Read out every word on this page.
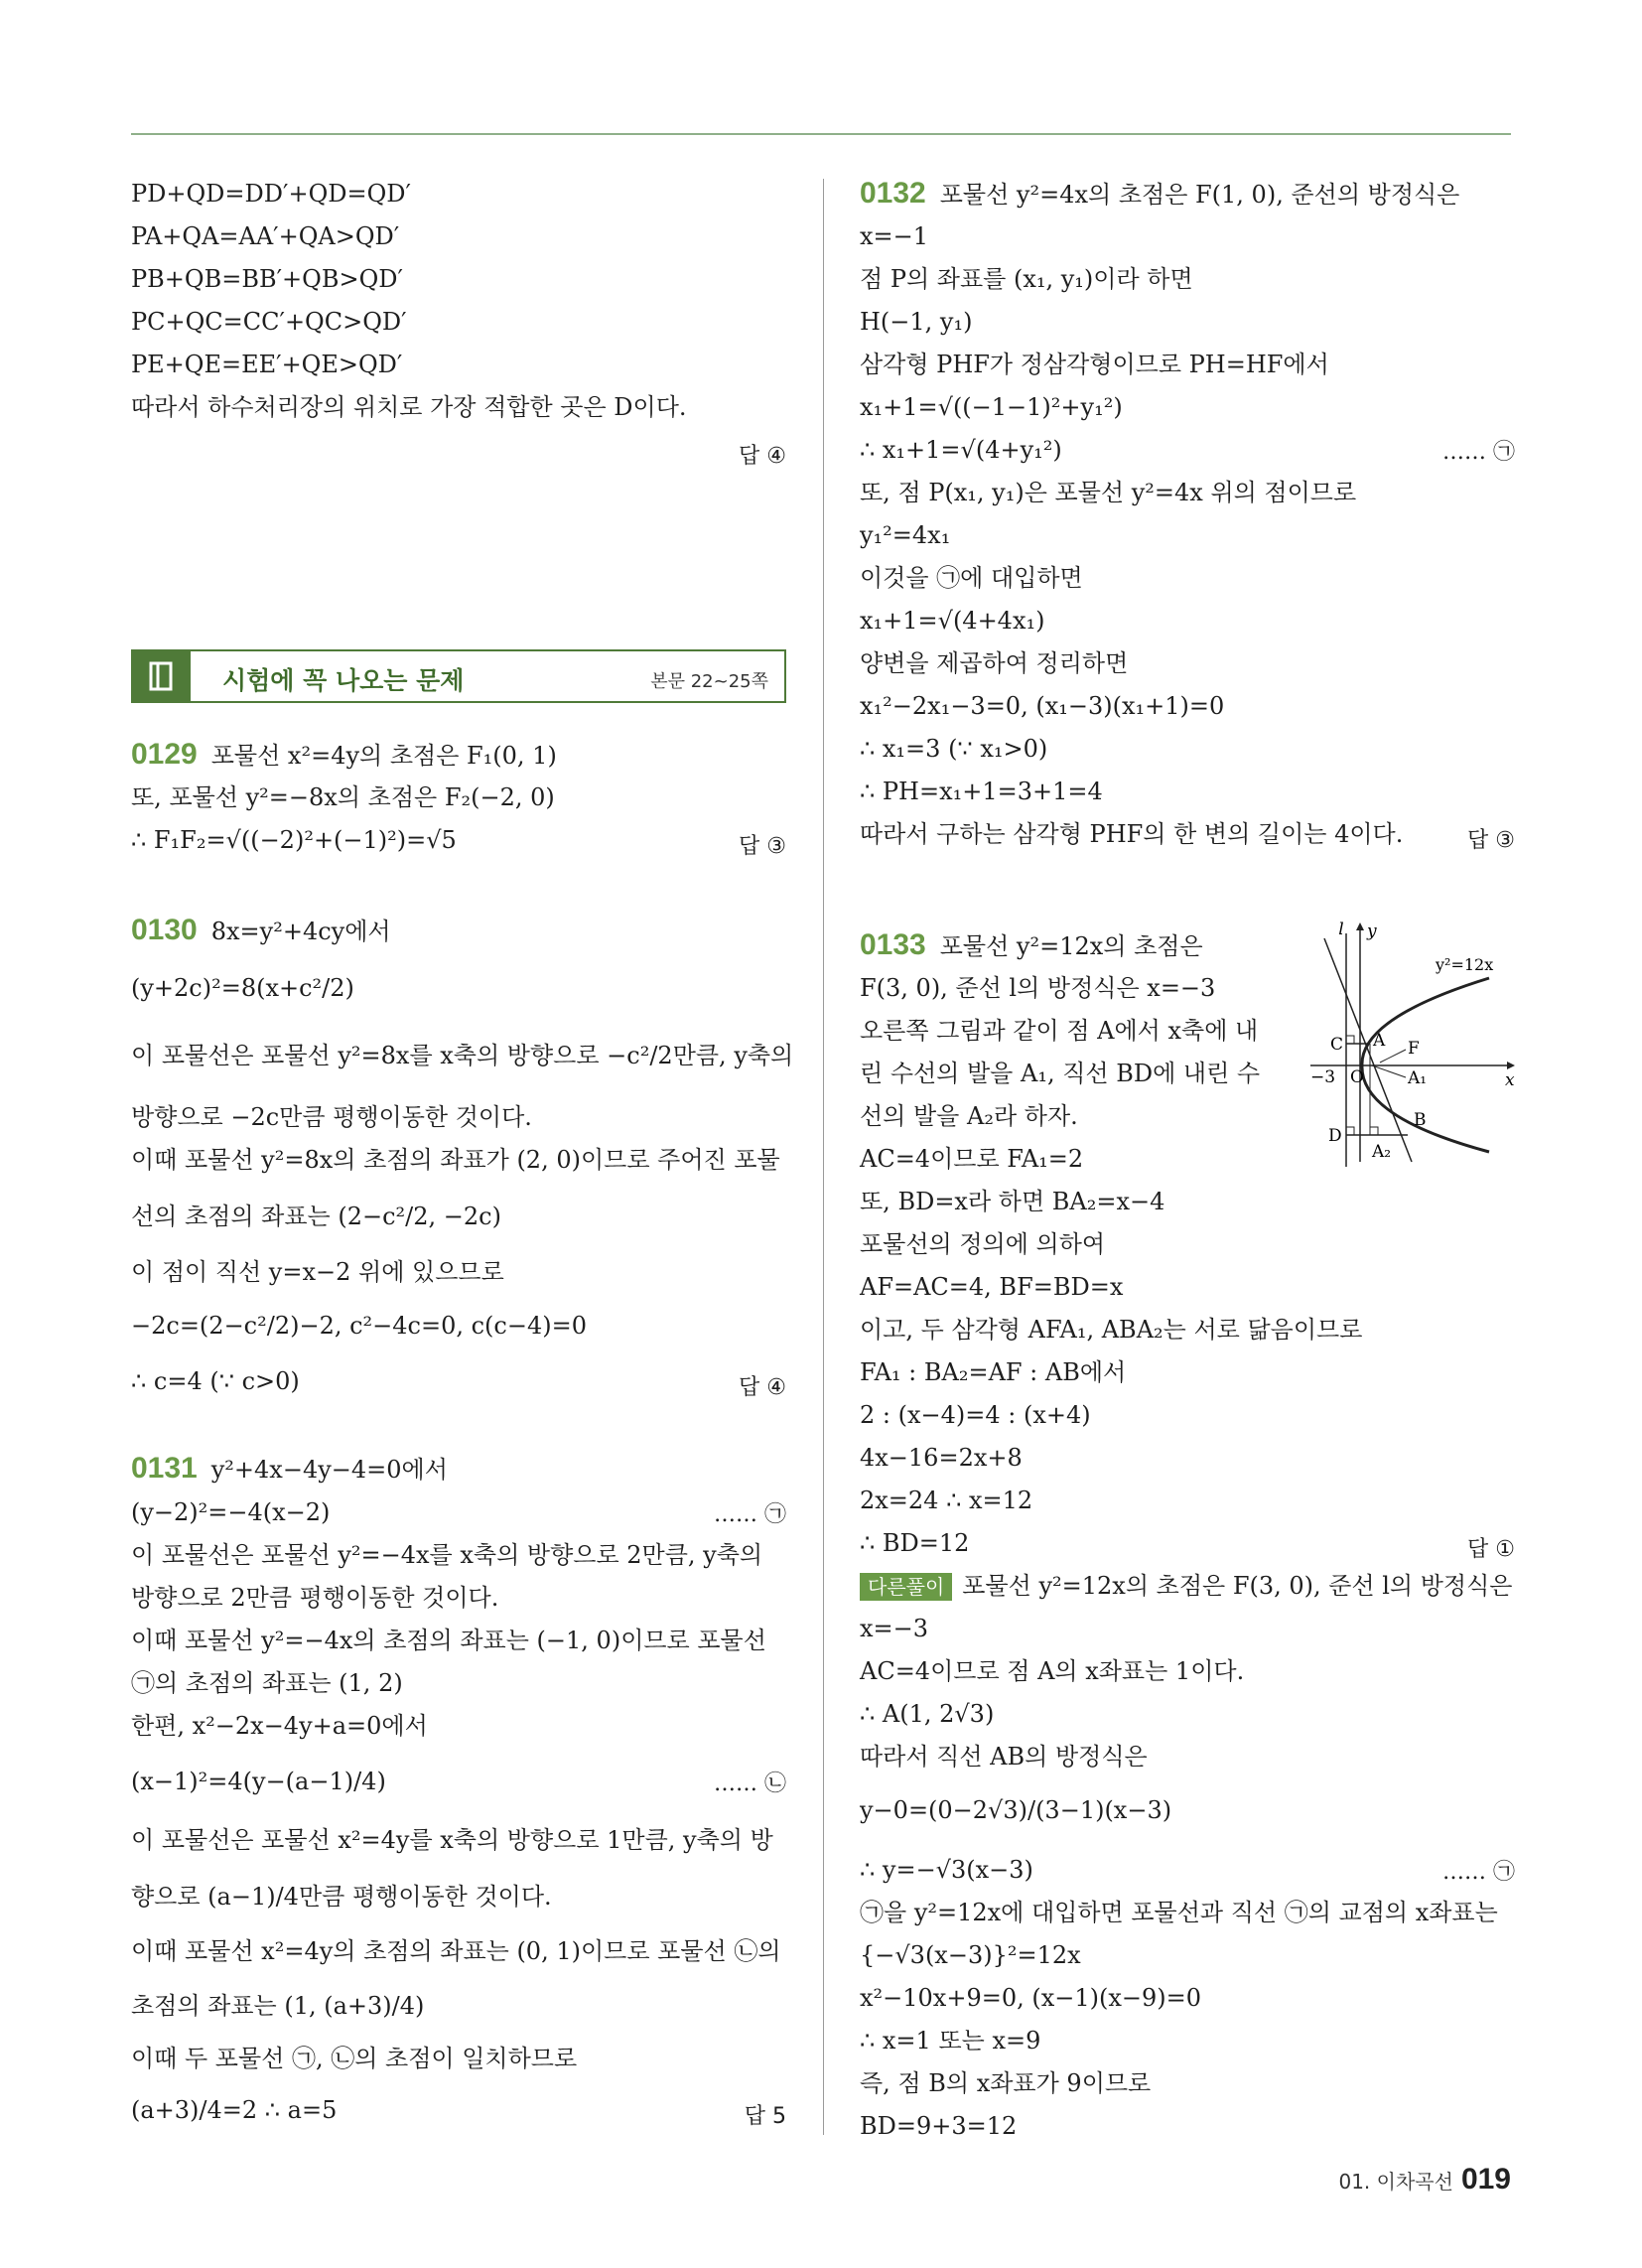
PD+QD=DD′+QD=QD′
PA+QA=AA′+QA>QD′
PB+QB=BB′+QB>QD′
PC+QC=CC′+QC>QD′
PE+QE=EE′+QE>QD′
따라서 하수처리장의 위치로 가장 적합한 곳은 D이다.
답 ④
시험에 꼭 나오는 문제	본문 22~25쪽
0129 포물선 x²=4y의 초점은 F₁(0, 1)
또, 포물선 y²=−8x의 초점은 F₂(−2, 0)
∴ F₁F₂=√((−2)²+(−1)²)=√5	답 ③
0130 8x=y²+4cy에서
(y+2c)²=8(x+c²/2)
이 포물선은 포물선 y²=8x를 x축의 방향으로 −c²/2만큼, y축의
방향으로 −2c만큼 평행이동한 것이다.
이때 포물선 y²=8x의 초점의 좌표가 (2, 0)이므로 주어진 포물
선의 초점의 좌표는 (2−c²/2, −2c)
이 점이 직선 y=x−2 위에 있으므로
−2c=(2−c²/2)−2, c²−4c=0, c(c−4)=0
∴ c=4 (∵ c>0)	답 ④
0131 y²+4x−4y−4=0에서
(y−2)²=−4(x−2)	…… ㉠
이 포물선은 포물선 y²=−4x를 x축의 방향으로 2만큼, y축의
방향으로 2만큼 평행이동한 것이다.
이때 포물선 y²=−4x의 초점의 좌표는 (−1, 0)이므로 포물선
㉠의 초점의 좌표는 (1, 2)
한편, x²−2x−4y+a=0에서
(x−1)²=4(y−(a−1)/4)	…… ㉡
이 포물선은 포물선 x²=4y를 x축의 방향으로 1만큼, y축의 방
향으로 (a−1)/4만큼 평행이동한 것이다.
이때 포물선 x²=4y의 초점의 좌표는 (0, 1)이므로 포물선 ㉡의
초점의 좌표는 (1, (a+3)/4)
이때 두 포물선 ㉠, ㉡의 초점이 일치하므로
(a+3)/4=2 ∴ a=5	답 5
0132 포물선 y²=4x의 초점은 F(1, 0), 준선의 방정식은
x=−1
점 P의 좌표를 (x₁, y₁)이라 하면
H(−1, y₁)
삼각형 PHF가 정삼각형이므로 PH=HF에서
x₁+1=√((−1−1)²+y₁²)
∴ x₁+1=√(4+y₁²)	…… ㉠
또, 점 P(x₁, y₁)은 포물선 y²=4x 위의 점이므로
y₁²=4x₁
이것을 ㉠에 대입하면
x₁+1=√(4+4x₁)
양변을 제곱하여 정리하면
x₁²−2x₁−3=0, (x₁−3)(x₁+1)=0
∴ x₁=3 (∵ x₁>0)
∴ PH=x₁+1=3+1=4
따라서 구하는 삼각형 PHF의 한 변의 길이는 4이다.	답 ③
0133 포물선 y²=12x의 초점은
F(3, 0), 준선 l의 방정식은 x=−3
오른쪽 그림과 같이 점 A에서 x축에 내
린 수선의 발을 A₁, 직선 BD에 내린 수
선의 발을 A₂라 하자.
AC=4이므로 FA₁=2
또, BD=x라 하면 BA₂=x−4
포물선의 정의에 의하여
AF=AC=4, BF=BD=x
이고, 두 삼각형 AFA₁, ABA₂는 서로 닮음이므로
FA₁ : BA₂=AF : AB에서
2 : (x−4)=4 : (x+4)
4x−16=2x+8
2x=24 ∴ x=12
∴ BD=12	답 ①
다른풀이 포물선 y²=12x의 초점은 F(3, 0), 준선 l의 방정식은
x=−3
AC=4이므로 점 A의 x좌표는 1이다.
∴ A(1, 2√3)
따라서 직선 AB의 방정식은
y−0=(0−2√3)/(3−1)(x−3)
∴ y=−√3(x−3)	…… ㉠
㉠을 y²=12x에 대입하면 포물선과 직선 ㉠의 교점의 x좌표는
{−√3(x−3)}²=12x
x²−10x+9=0, (x−1)(x−9)=0
∴ x=1 또는 x=9
즉, 점 B의 x좌표가 9이므로
BD=9+3=12
l y
y²=12x
C A F
−3 O	A₁	x
B
D
A₂
01. 이차곡선 019
